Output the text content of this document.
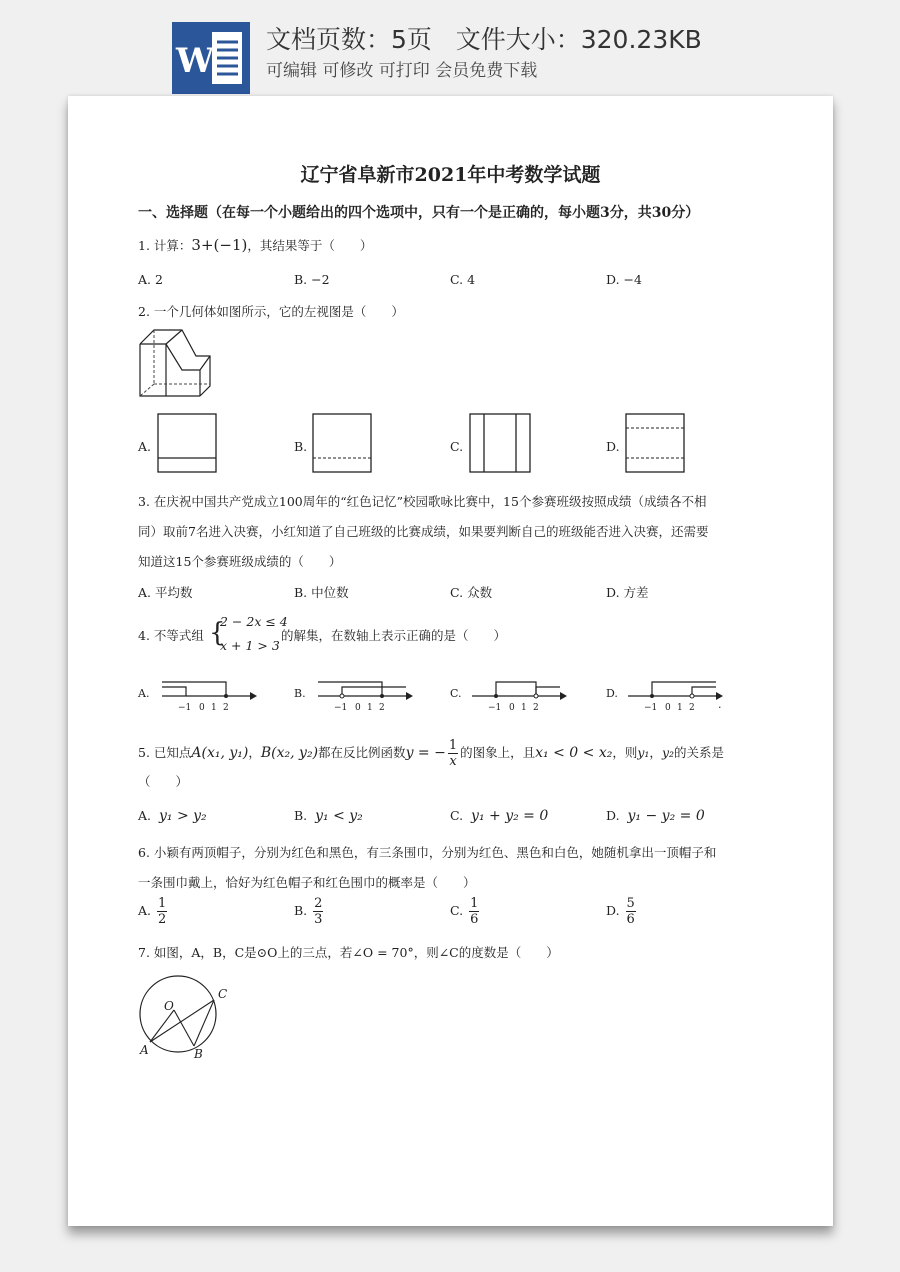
W
文档页数：5页   文件大小：320.23KB
可编辑 可修改 可打印 会员免费下载
辽宁省阜新市2021年中考数学试题
一、选择题（在每一个小题给出的四个选项中，只有一个是正确的，每小题3分，共30分）
1. 计算：3+(−1)，其结果等于（　　）
A. 2	B. −2	C. 4	D. −4
2. 一个几何体如图所示，它的左视图是（　　）
A.	B.	C.	D.
3. 在庆祝中国共产党成立100周年的“红色记忆”校园歌咏比赛中，15个参赛班级按照成绩（成绩各不相
同）取前7名进入决赛，小红知道了自己班级的比赛成绩，如果要判断自己的班级能否进入决赛，还需要
知道这15个参赛班级成绩的（　　）
A. 平均数	B. 中位数	C. 众数	D. 方差
4. 不等式组 {
2 − 2x ≤ 4
x + 1 > 3
的解集，在数轴上表示正确的是（　　）
A.	B.	C.	D.
.
−1 0 1 2	−1 0 1 2	−1 0 1 2	−1 0 1 2
5. 已知点A(x₁, y₁)，B(x₂, y₂)都在反比例函数y = − $\frac{1}{x}$ 的图象上，且x₁ < 0 < x₂，则y₁，y₂的关系是
（　　）
A. y₁ > y₂	B. y₁ < y₂	C. y₁ + y₂ = 0	D. y₁ − y₂ = 0
6. 小颖有两顶帽子，分别为红色和黑色，有三条围巾，分别为红色、黑色和白色，她随机拿出一顶帽子和
一条围巾戴上，恰好为红色帽子和红色围巾的概率是（　　）
A. $\frac{1}{2}$	B. $\frac{2}{3}$	C. $\frac{1}{6}$	D. $\frac{5}{6}$
7. 如图，A，B，C是⊙O上的三点，若∠O = 70°，则∠C的度数是（　　）
O
A	B
C
